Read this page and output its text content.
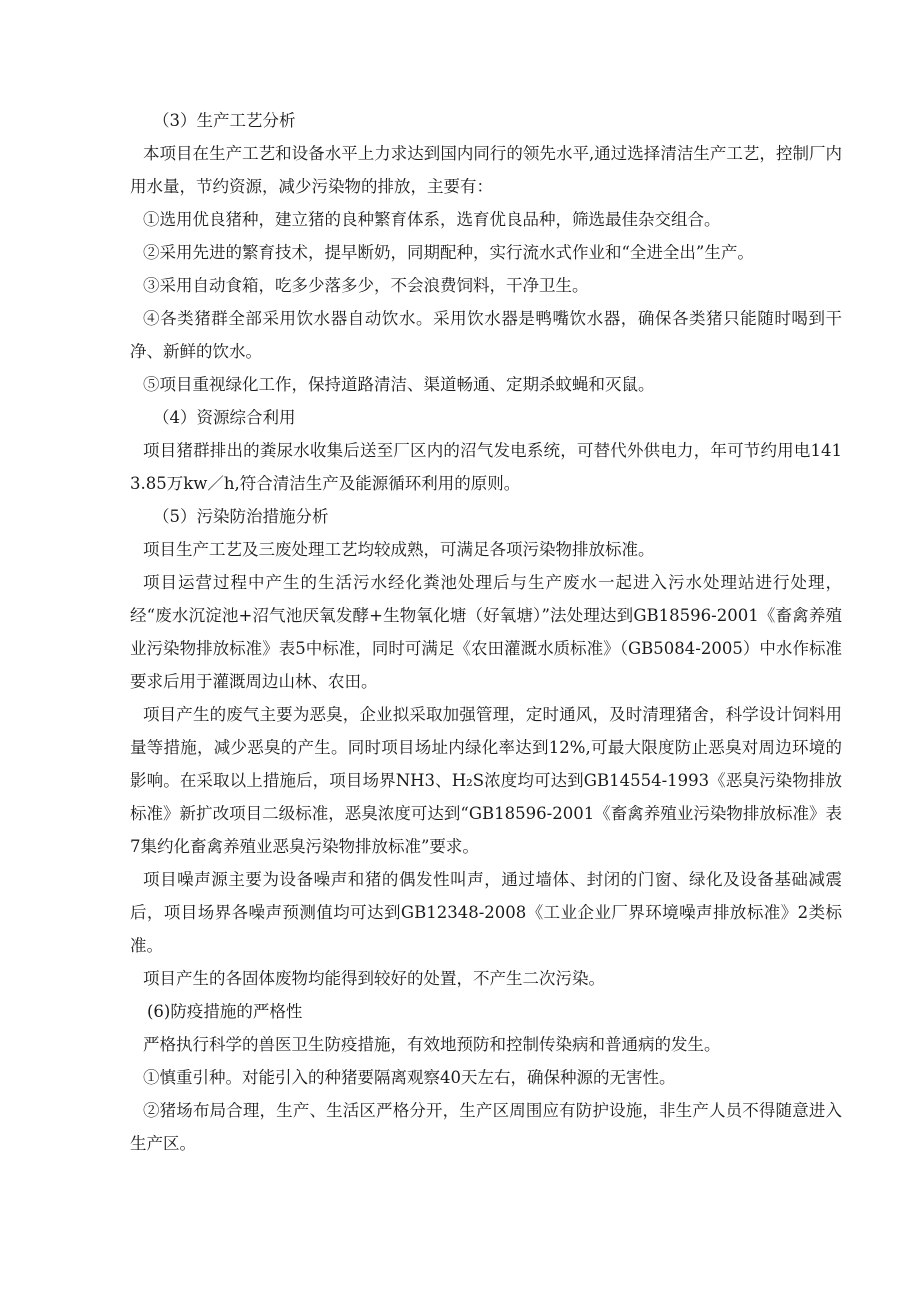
（3）生产工艺分析

本项目在生产工艺和设备水平上力求达到国内同行的领先水平,通过选择清洁生产工艺，控制厂内用水量，节约资源，减少污染物的排放，主要有：

①选用优良猪种，建立猪的良种繁育体系，选育优良品种，筛选最佳杂交组合。

②采用先进的繁育技术，提早断奶，同期配种，实行流水式作业和“全进全出”生产。

③采用自动食箱，吃多少落多少，不会浪费饲料，干净卫生。

④各类猪群全部采用饮水器自动饮水。采用饮水器是鸭嘴饮水器，确保各类猪只能随时喝到干净、新鲜的饮水。

⑤项目重视绿化工作，保持道路清洁、渠道畅通、定期杀蚊蝇和灭鼠。

（4）资源综合利用

项目猪群排出的粪尿水收集后送至厂区内的沼气发电系统，可替代外供电力，年可节约用电1413.85万kw／h,符合清洁生产及能源循环利用的原则。

（5）污染防治措施分析

项目生产工艺及三废处理工艺均较成熟，可满足各项污染物排放标准。

项目运营过程中产生的生活污水经化粪池处理后与生产废水一起进入污水处理站进行处理，经“废水沉淀池+沼气池厌氧发酵+生物氧化塘（好氧塘）”法处理达到GB18596-2001《畜禽养殖业污染物排放标准》表5中标准，同时可满足《农田灌溉水质标准》（GB5084-2005）中水作标准要求后用于灌溉周边山林、农田。

项目产生的废气主要为恶臭，企业拟采取加强管理，定时通风，及时清理猪舍，科学设计饲料用量等措施，减少恶臭的产生。同时项目场址内绿化率达到12%,可最大限度防止恶臭对周边环境的影响。在采取以上措施后，项目场界NH3、H₂S浓度均可达到GB14554-1993《恶臭污染物排放标准》新扩改项目二级标准，恶臭浓度可达到“GB18596-2001《畜禽养殖业污染物排放标准》表7集约化畜禽养殖业恶臭污染物排放标准”要求。

项目噪声源主要为设备噪声和猪的偶发性叫声，通过墙体、封闭的门窗、绿化及设备基础减震后，项目场界各噪声预测值均可达到GB12348-2008《工业企业厂界环境噪声排放标准》2类标准。

项目产生的各固体废物均能得到较好的处置，不产生二次污染。

(6)防疫措施的严格性

严格执行科学的兽医卫生防疫措施，有效地预防和控制传染病和普通病的发生。

①慎重引种。对能引入的种猪要隔离观察40天左右，确保种源的无害性。

②猪场布局合理，生产、生活区严格分开，生产区周围应有防护设施，非生产人员不得随意进入生产区。
